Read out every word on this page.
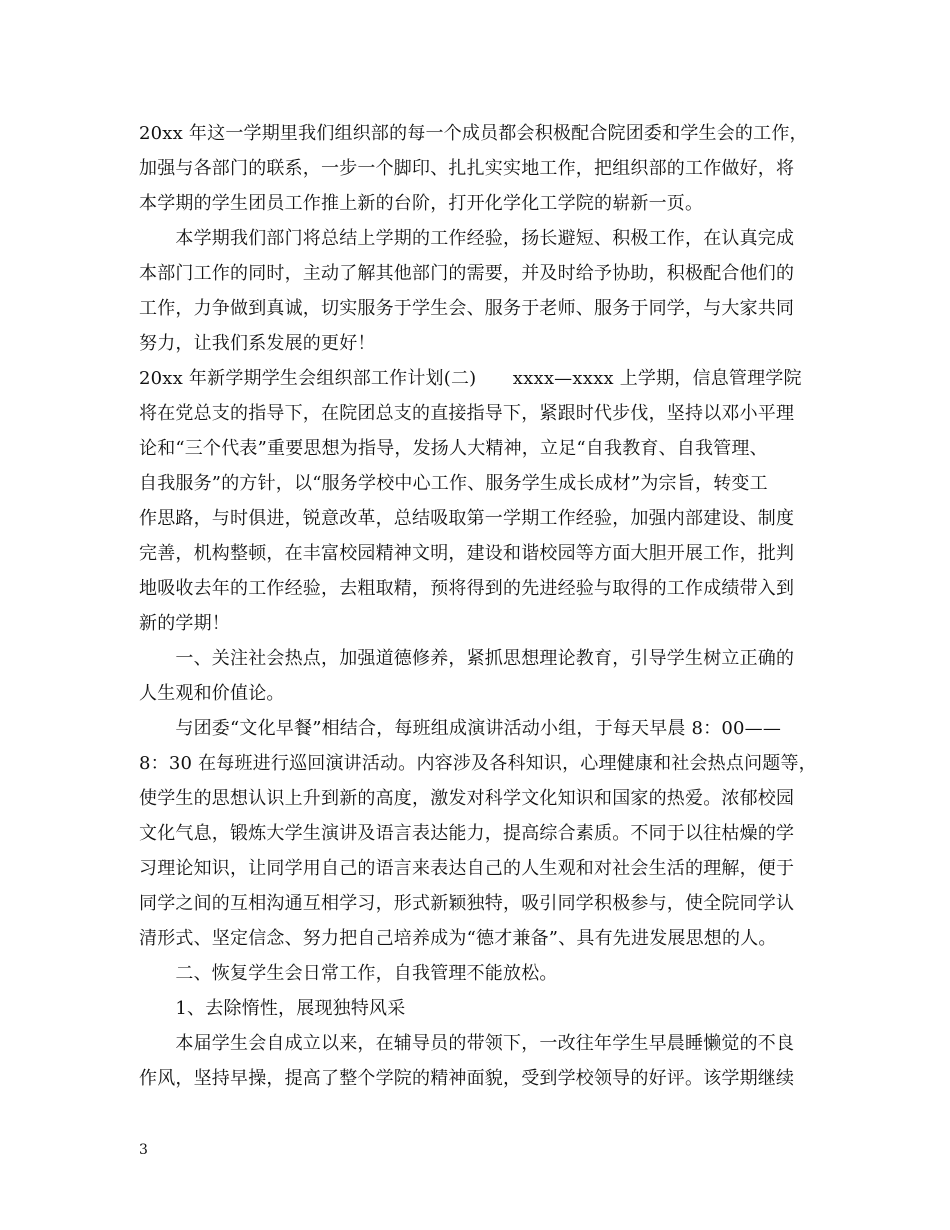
20xx 年这一学期里我们组织部的每一个成员都会积极配合院团委和学生会的工作，
加强与各部门的联系，一步一个脚印、扎扎实实地工作，把组织部的工作做好，将
本学期的学生团员工作推上新的台阶，打开化学化工学院的崭新一页。
　　本学期我们部门将总结上学期的工作经验，扬长避短、积极工作，在认真完成
本部门工作的同时，主动了解其他部门的需要，并及时给予协助，积极配合他们的
工作，力争做到真诚，切实服务于学生会、服务于老师、服务于同学，与大家共同
努力，让我们系发展的更好！
20xx 年新学期学生会组织部工作计划(二)　　xxxx—xxxx 上学期，信息管理学院
将在党总支的指导下，在院团总支的直接指导下，紧跟时代步伐，坚持以邓小平理
论和“三个代表”重要思想为指导，发扬人大精神，立足“自我教育、自我管理、
自我服务”的方针，以“服务学校中心工作、服务学生成长成材”为宗旨，转变工
作思路，与时俱进，锐意改革，总结吸取第一学期工作经验，加强内部建设、制度
完善，机构整顿，在丰富校园精神文明，建设和谐校园等方面大胆开展工作，批判
地吸收去年的工作经验，去粗取精，预将得到的先进经验与取得的工作成绩带入到
新的学期！
　　一、关注社会热点，加强道德修养，紧抓思想理论教育，引导学生树立正确的
人生观和价值论。
　　与团委“文化早餐”相结合，每班组成演讲活动小组，于每天早晨 8：00——
8：30 在每班进行巡回演讲活动。内容涉及各科知识，心理健康和社会热点问题等，
使学生的思想认识上升到新的高度，激发对科学文化知识和国家的热爱。浓郁校园
文化气息，锻炼大学生演讲及语言表达能力，提高综合素质。不同于以往枯燥的学
习理论知识，让同学用自己的语言来表达自己的人生观和对社会生活的理解，便于
同学之间的互相沟通互相学习，形式新颖独特，吸引同学积极参与，使全院同学认
清形式、坚定信念、努力把自己培养成为“德才兼备”、具有先进发展思想的人。
　　二、恢复学生会日常工作，自我管理不能放松。
　　1、去除惰性，展现独特风采
　　本届学生会自成立以来，在辅导员的带领下，一改往年学生早晨睡懒觉的不良
作风，坚持早操，提高了整个学院的精神面貌，受到学校领导的好评。该学期继续
3
